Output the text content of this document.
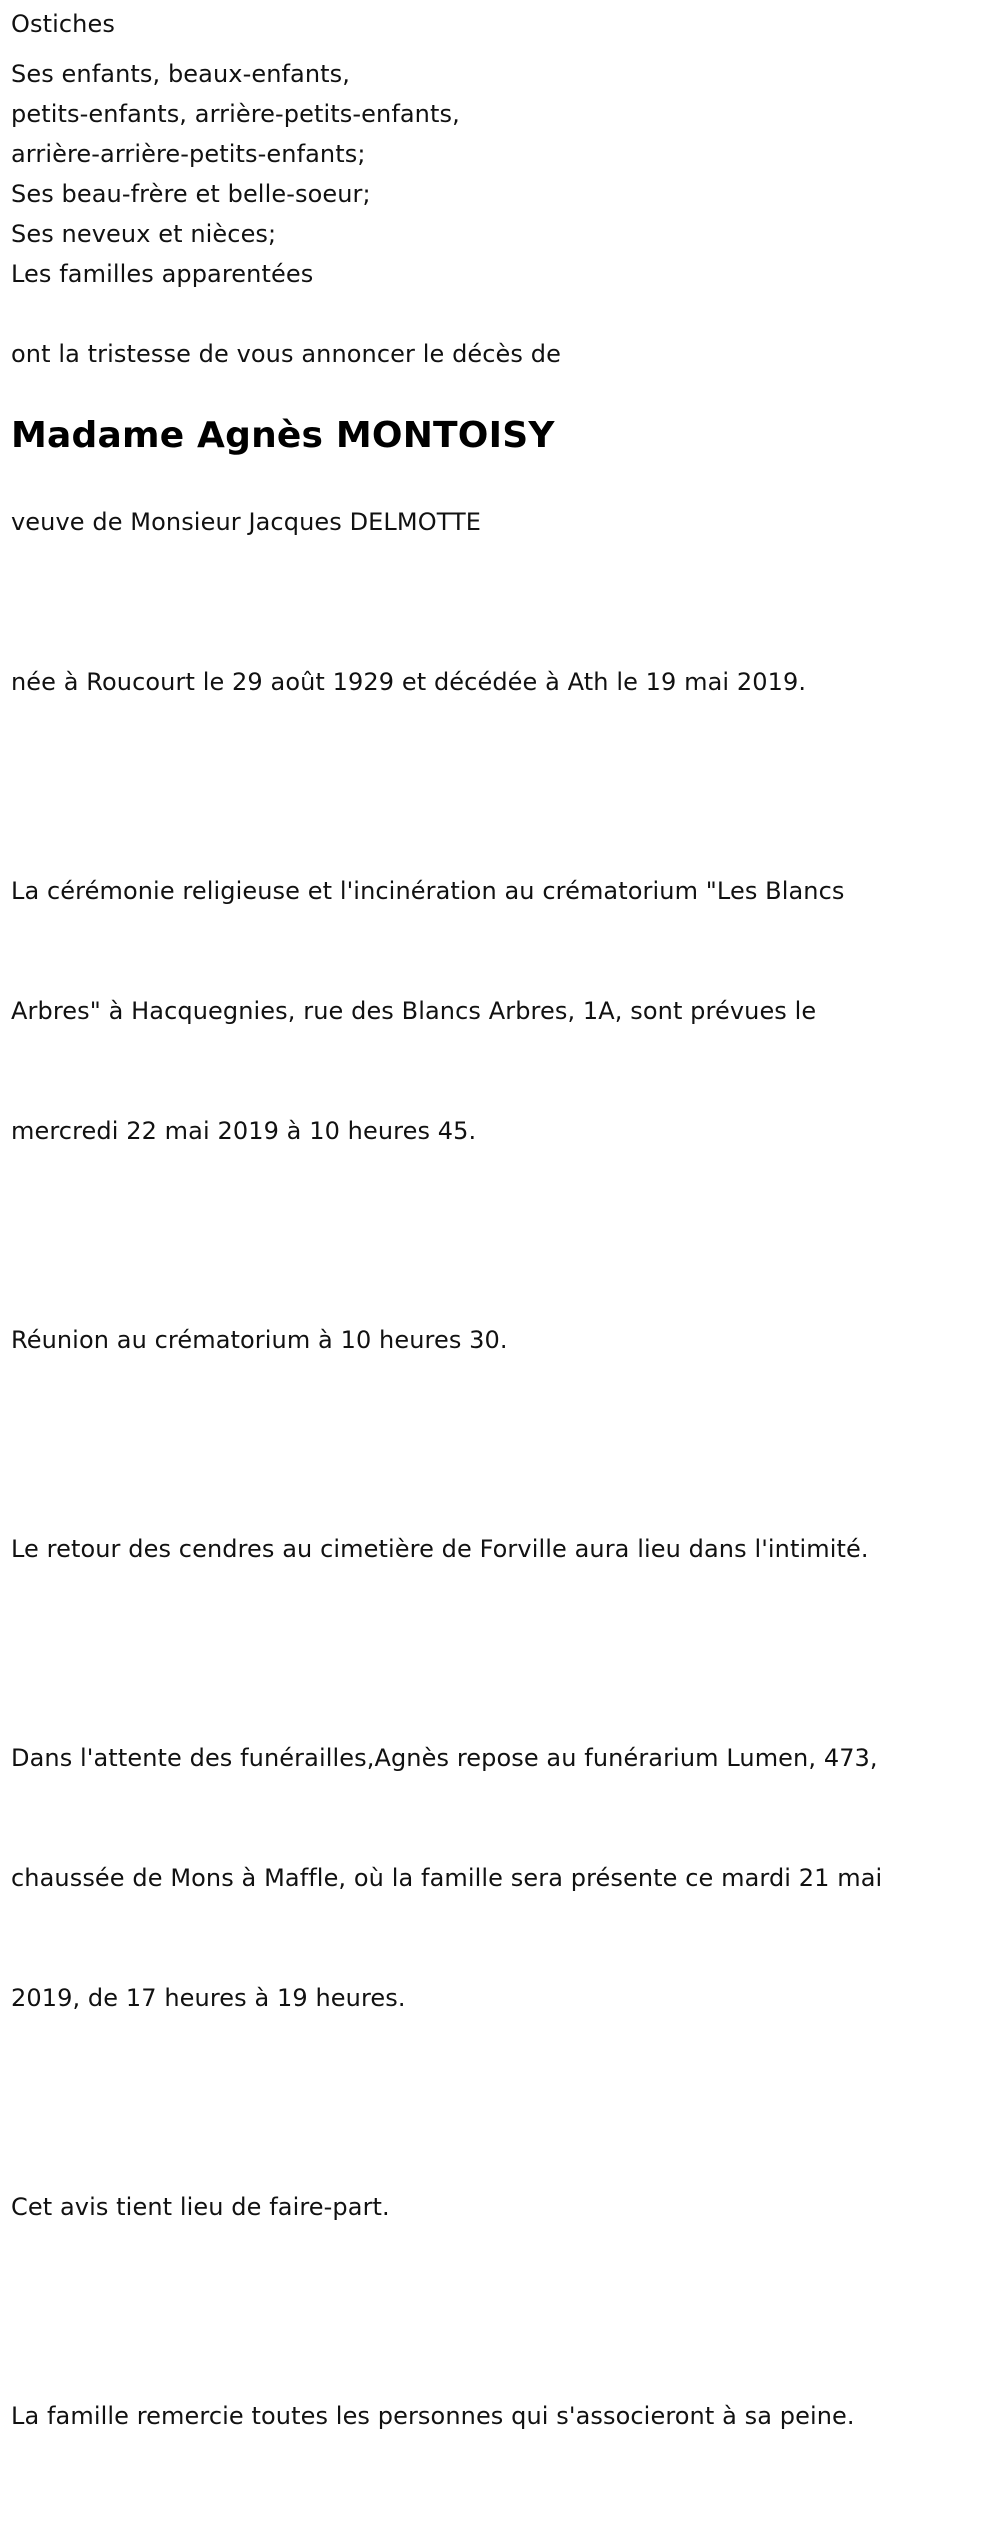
Ostiches

Ses enfants, beaux-enfants,
petits-enfants, arrière-petits-enfants,
arrière-arrière-petits-enfants;
Ses beau-frère et belle-soeur;
Ses neveux et nièces;
Les familles apparentées

ont la tristesse de vous annoncer le décès de

Madame Agnès MONTOISY

veuve de Monsieur Jacques DELMOTTE

née à Roucourt le 29 août 1929 et décédée à Ath le 19 mai 2019.

La cérémonie religieuse et l'incinération au crématorium "Les Blancs

Arbres" à Hacquegnies, rue des Blancs Arbres, 1A, sont prévues le

mercredi 22 mai 2019 à 10 heures 45.

Réunion au crématorium à 10 heures 30.

Le retour des cendres au cimetière de Forville aura lieu dans l'intimité.

Dans l'attente des funérailles,Agnès repose au funérarium Lumen, 473,

chaussée de Mons à Maffle, où la famille sera présente ce mardi 21 mai

2019, de 17 heures à 19 heures.

Cet avis tient lieu de faire-part.

La famille remercie toutes les personnes qui s'associeront à sa peine.
